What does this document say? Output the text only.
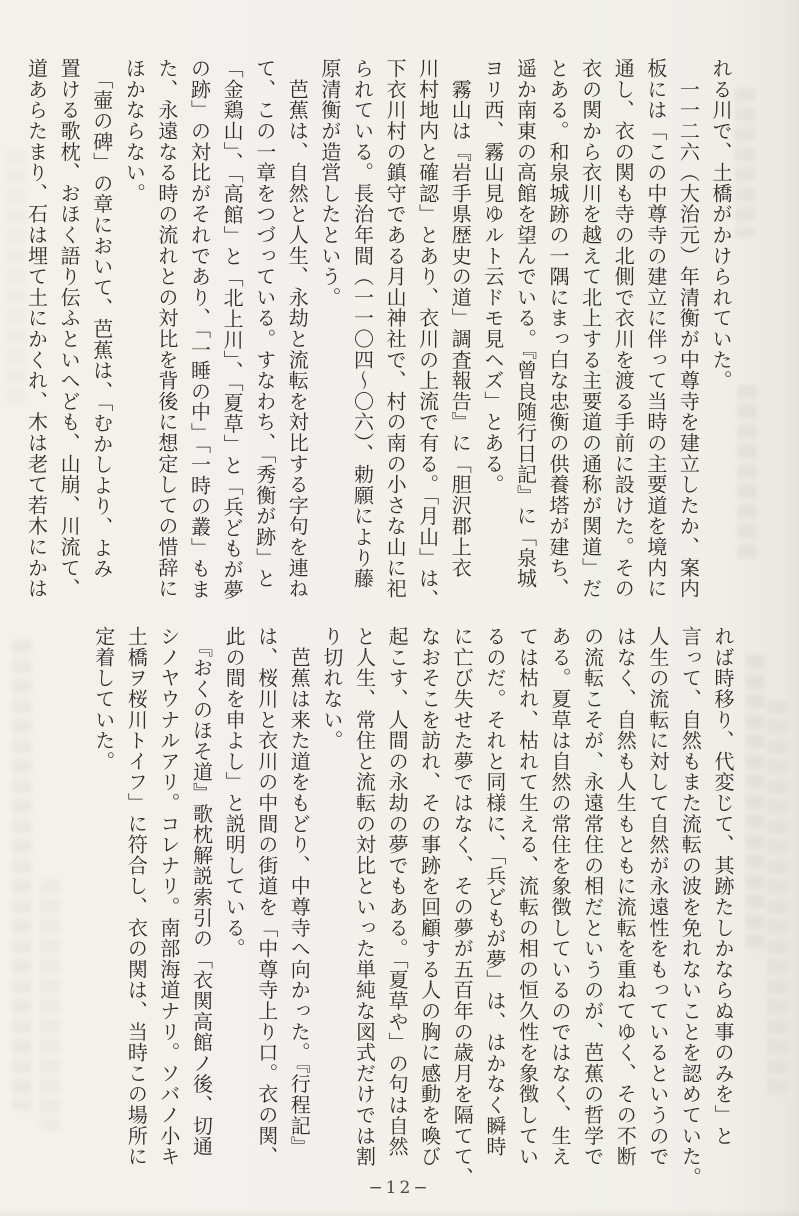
れる川で、土橋がかけられていた。

　一一二六（大治元）年清衡が中尊寺を建立したか、案内

板には「この中尊寺の建立に伴って当時の主要道を境内に

通し、衣の関も寺の北側で衣川を渡る手前に設けた。その

衣の関から衣川を越えて北上する主要道の通称が関道」だ

とある。和泉城跡の一隅にまっ白な忠衡の供養塔が建ち、

遥か南東の高館を望んでいる。『曾良随行日記』に「泉城

ヨリ西、霧山見ゆルト云ドモ見ヘズ」とある。

　霧山は『岩手県歴史の道」調査報告』に「胆沢郡上衣

川村地内と確認」とあり、衣川の上流で有る。「月山」は、

下衣川村の鎮守である月山神社で、村の南の小さな山に祀

られている。長治年間（一一〇四～〇六）、勅願により藤

原清衡が造営したという。

　芭蕉は、自然と人生、永劫と流転を対比する字句を連ね

て、この一章をつづっている。すなわち、「秀衡が跡」と

「金鶏山」、「高館」と「北上川」、「夏草」と「兵どもが夢

の跡」の対比がそれであり、「一睡の中」「一時の叢」もま

た、永遠なる時の流れとの対比を背後に想定しての惜辞に

ほかならない。

　「壷の碑」の章において、芭蕉は、「むかしより、よみ

置ける歌枕、おほく語り伝ふといへども、山崩、川流て、

道あらたまり、石は埋て土にかくれ、木は老て若木にかは

れば時移り、代変じて、其跡たしかならぬ事のみを」と

言って、自然もまた流転の波を免れないことを認めていた。

人生の流転に対して自然が永遠性をもっているというので

はなく、自然も人生もともに流転を重ねてゆく、その不断

の流転こそが、永遠常住の相だというのが、芭蕉の哲学で

ある。夏草は自然の常住を象徴しているのではなく、生え

ては枯れ、枯れて生える、流転の相の恒久性を象徴してい

るのだ。それと同様に、「兵どもが夢」は、はかなく瞬時

に亡び失せた夢ではなく、その夢が五百年の歳月を隔てて、

なおそこを訪れ、その事跡を回顧する人の胸に感動を喚び

起こす、人間の永劫の夢でもある。「夏草や」の句は自然

と人生、常住と流転の対比といった単純な図式だけでは割

り切れない。

　芭蕉は来た道をもどり、中尊寺へ向かった。『行程記』

は、桜川と衣川の中間の街道を「中尊寺上り口。衣の関、

此の間を申よし」と説明している。

　『おくのほそ道』歌枕解説索引の「衣関高館ノ後、切通

シノヤウナルアリ。コレナリ。南部海道ナリ。ソバノ小キ

土橋ヲ桜川トイフ」に符合し、衣の関は、当時この場所に

定着していた。

−12−
